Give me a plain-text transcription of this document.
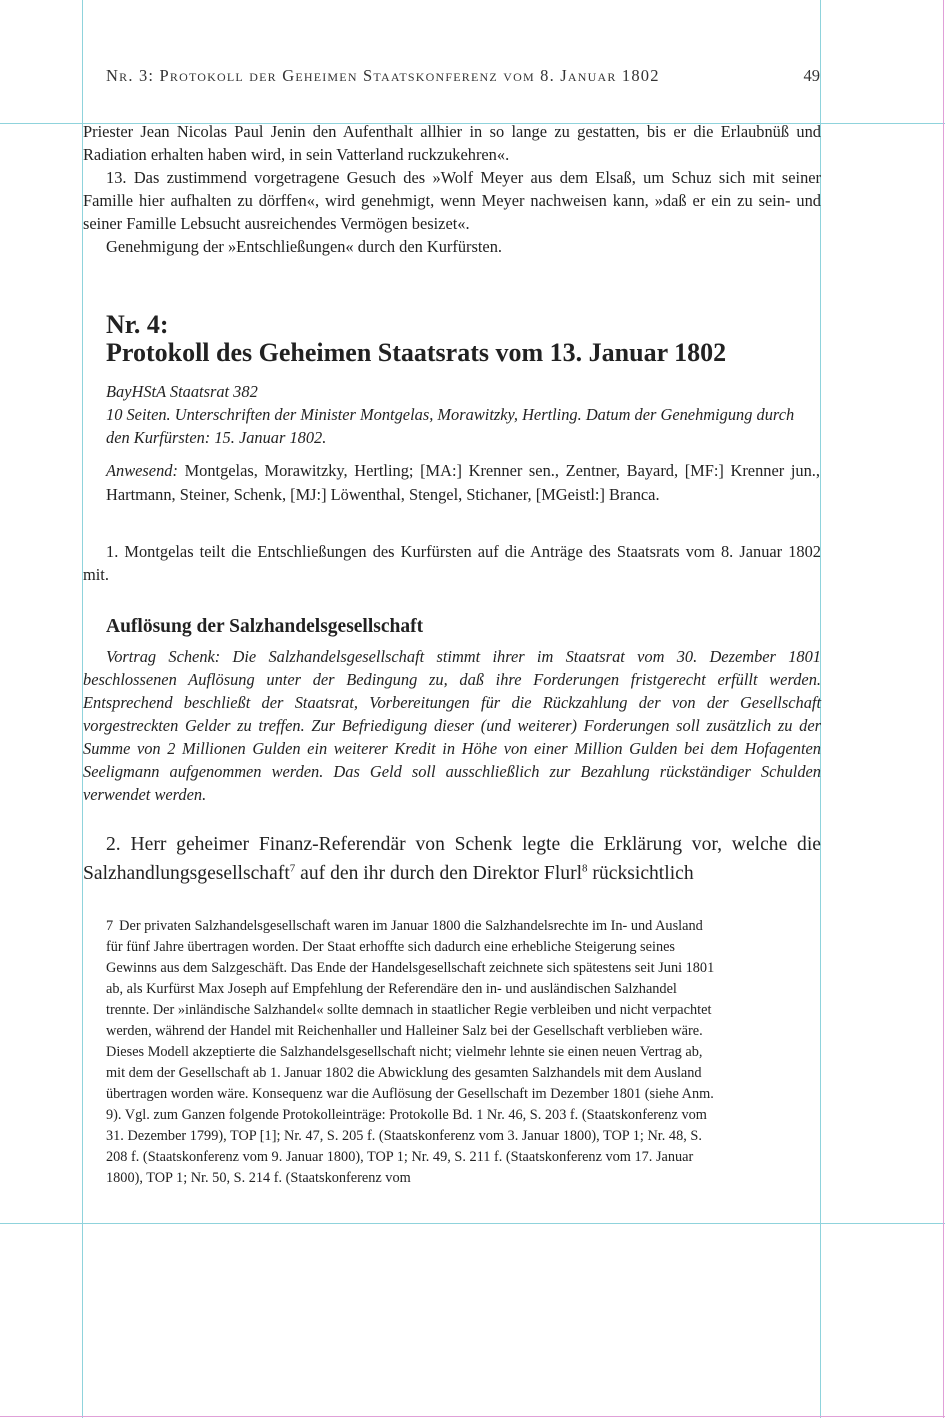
Nr. 3: Protokoll der Geheimen Staatskonferenz vom 8. Januar 1802	49

Priester Jean Nicolas Paul Jenin den Aufenthalt allhier in so lange zu gestatten, bis er die Erlaubnüß und Radiation erhalten haben wird, in sein Vatterland ruckzukehren«.

13. Das zustimmend vorgetragene Gesuch des »Wolf Meyer aus dem Elsaß, um Schuz sich mit seiner Famille hier aufhalten zu dörffen«, wird genehmigt, wenn Meyer nachweisen kann, »daß er ein zu sein- und seiner Famille Lebsucht ausreichendes Vermögen besizet«.

Genehmigung der »Entschließungen« durch den Kurfürsten.

Nr. 4:
Protokoll des Geheimen Staatsrats vom 13. Januar 1802
BayHStA Staatsrat 382
10 Seiten. Unterschriften der Minister Montgelas, Morawitzky, Hertling. Datum der Genehmigung durch den Kurfürsten: 15. Januar 1802.
Anwesend: Montgelas, Morawitzky, Hertling; [MA:] Krenner sen., Zentner, Bayard, [MF:] Krenner jun., Hartmann, Steiner, Schenk, [MJ:] Löwenthal, Stengel, Stichaner, [MGeistl:] Branca.

1. Montgelas teilt die Entschließungen des Kurfürsten auf die Anträge des Staatsrats vom 8. Januar 1802 mit.

Auflösung der Salzhandelsgesellschaft

Vortrag Schenk: Die Salzhandelsgesellschaft stimmt ihrer im Staatsrat vom 30. Dezember 1801 beschlossenen Auflösung unter der Bedingung zu, daß ihre Forderungen fristgerecht erfüllt werden. Entsprechend beschließt der Staatsrat, Vorbereitungen für die Rückzahlung der von der Gesellschaft vorgestreckten Gelder zu treffen. Zur Befriedigung dieser (und weiterer) Forderungen soll zusätzlich zu der Summe von 2 Millionen Gulden ein weiterer Kredit in Höhe von einer Million Gulden bei dem Hofagenten Seeligmann aufgenommen werden. Das Geld soll ausschließlich zur Bezahlung rückständiger Schulden verwendet werden.

2. Herr geheimer Finanz-Referendär von Schenk legte die Erklärung vor, welche die Salzhandlungsgesellschaft$^7$ auf den ihr durch den Direktor Flurl$^8$ rücksichtlich

7 Der privaten Salzhandelsgesellschaft waren im Januar 1800 die Salzhandelsrechte im In- und Ausland für fünf Jahre übertragen worden. Der Staat erhoffte sich dadurch eine erhebliche Steigerung seines Gewinns aus dem Salzgeschäft. Das Ende der Handelsgesellschaft zeichnete sich spätestens seit Juni 1801 ab, als Kurfürst Max Joseph auf Empfehlung der Referendäre den in- und ausländischen Salzhandel trennte. Der »inländische Salzhandel« sollte demnach in staatlicher Regie verbleiben und nicht verpachtet werden, während der Handel mit Reichenhaller und Halleiner Salz bei der Gesellschaft verblieben wäre. Dieses Modell akzeptierte die Salzhandelsgesellschaft nicht; vielmehr lehnte sie einen neuen Vertrag ab, mit dem der Gesellschaft ab 1. Januar 1802 die Abwicklung des gesamten Salzhandels mit dem Ausland übertragen worden wäre. Konsequenz war die Auflösung der Gesellschaft im Dezember 1801 (siehe Anm. 9). Vgl. zum Ganzen folgende Protokolleinträge: Protokolle Bd. 1 Nr. 46, S. 203 f. (Staatskonferenz vom 31. Dezember 1799), TOP [1]; Nr. 47, S. 205 f. (Staatskonferenz vom 3. Januar 1800), TOP 1; Nr. 48, S. 208 f. (Staatskonferenz vom 9. Januar 1800), TOP 1; Nr. 49, S. 211 f. (Staatskonferenz vom 17. Januar 1800), TOP 1; Nr. 50, S. 214 f. (Staatskonferenz vom
